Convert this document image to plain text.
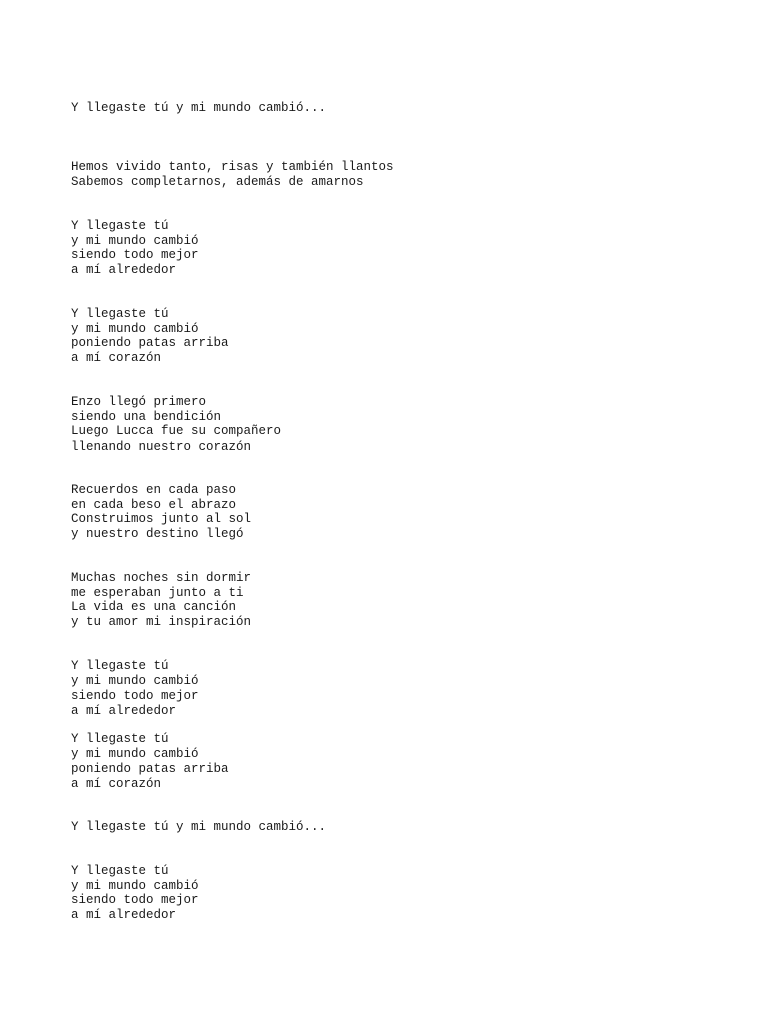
Y llegaste tú y mi mundo cambió...

Hemos vivido tanto, risas y también llantos

Sabemos completarnos, además de amarnos

Y llegaste tú

y mi mundo cambió

siendo todo mejor

a mí alrededor

Y llegaste tú

y mi mundo cambió

poniendo patas arriba

a mí corazón

Enzo llegó primero

siendo una bendición

Luego Lucca fue su compañero

llenando nuestro corazón

Recuerdos en cada paso

en cada beso el abrazo

Construimos junto al sol

y nuestro destino llegó

Muchas noches sin dormir

me esperaban junto a ti

La vida es una canción

y tu amor mi inspiración

Y llegaste tú

y mi mundo cambió

siendo todo mejor

a mí alrededor

Y llegaste tú

y mi mundo cambió

poniendo patas arriba

a mí corazón

Y llegaste tú y mi mundo cambió...

Y llegaste tú

y mi mundo cambió

siendo todo mejor

a mí alrededor
